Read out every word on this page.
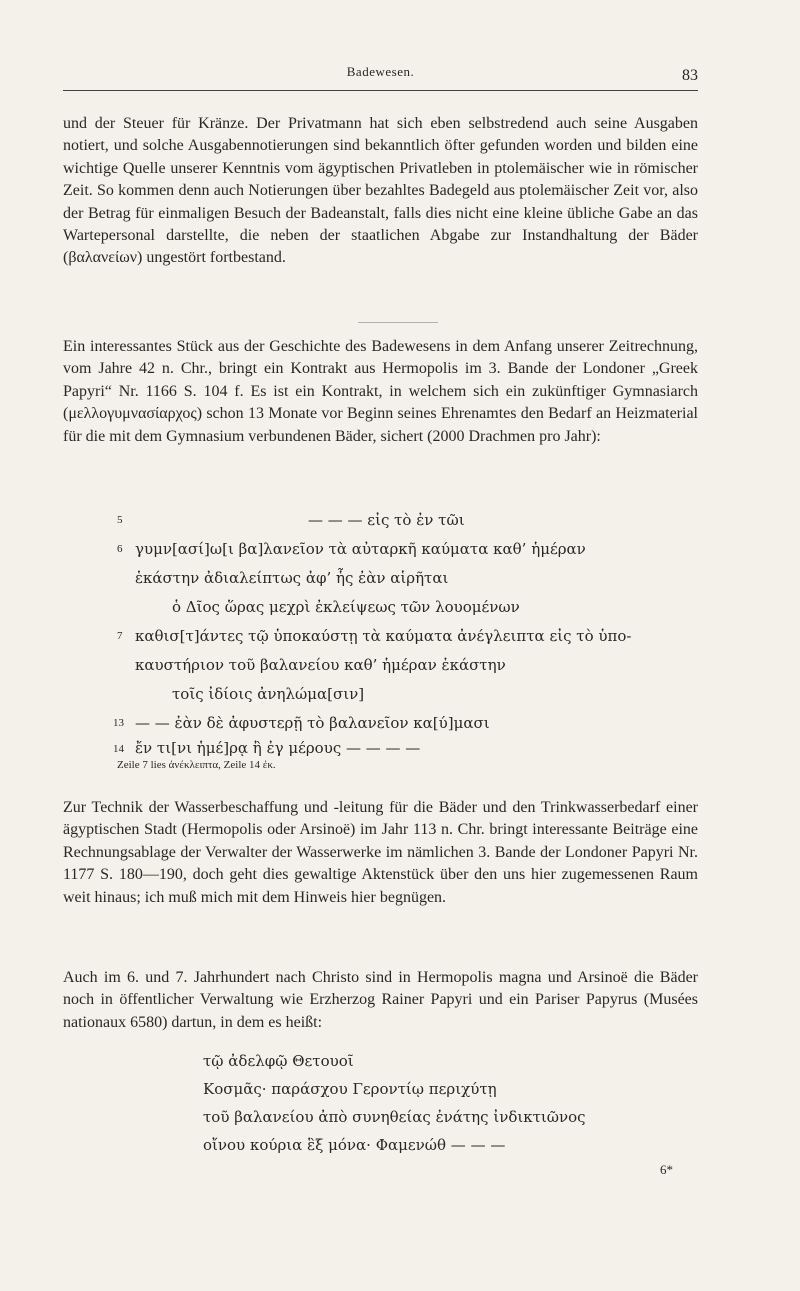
Badewesen.	83

und der Steuer für Kränze. Der Privatmann hat sich eben selbstredend auch seine Ausgaben notiert, und solche Ausgabennotierungen sind bekanntlich öfter gefunden worden und bilden eine wichtige Quelle unserer Kenntnis vom ägyptischen Privatleben in ptolemäischer wie in römischer Zeit. So kommen denn auch Notierungen über bezahltes Badegeld aus ptolemäischer Zeit vor, also der Betrag für einmaligen Besuch der Badeanstalt, falls dies nicht eine kleine übliche Gabe an das Wartepersonal darstellte, die neben der staatlichen Abgabe zur Instandhaltung der Bäder (βαλανείων) ungestört fortbestand.

Ein interessantes Stück aus der Geschichte des Badewesens in dem Anfang unserer Zeitrechnung, vom Jahre 42 n. Chr., bringt ein Kontrakt aus Hermopolis im 3. Bande der Londoner „Greek Papyri“ Nr. 1166 S. 104 f. Es ist ein Kontrakt, in welchem sich ein zukünftiger Gymnasiarch (μελλογυμνασίαρχος) schon 13 Monate vor Beginn seines Ehrenamtes den Bedarf an Heizmaterial für die mit dem Gymnasium verbundenen Bäder, sichert (2000 Drachmen pro Jahr):

5	— — — εἰς τὸ ἐν τῶι
6 γυμν[ασί]ω[ι βα]λανεῖον τὰ αὐταρκῆ καύματα καθ’ ἡμέραν
ἑκάστην ἀδιαλείπτως ἀφ’ ἧς ἐὰν αἱρῆται
ὁ Δῖος ὥρας μεχρὶ ἐκλείψεως τῶν λουομένων
7 καθισ[τ]άντες τῷ ὑποκαύστῃ τὰ καύματα ἀνέγλειπτα εἰς τὸ ὑπο-
καυστήριον τοῦ βαλανείου καθ’ ἡμέραν ἑκάστην
τοῖς ἰδίοις ἀνηλώμα[σιν]
13 — — ἐὰν δὲ ἀφυστερῇ τὸ βαλανεῖον κα[ύ]μασι
14 ἔν τι[νι ἡμέ]ρᾳ ἢ ἐγ μέρους — — — —
Zeile 7 lies ἀνέκλειπτα, Zeile 14 ἐκ.

Zur Technik der Wasserbeschaffung und -leitung für die Bäder und den Trinkwasserbedarf einer ägyptischen Stadt (Hermopolis oder Arsinoë) im Jahr 113 n. Chr. bringt interessante Beiträge eine Rechnungsablage der Verwalter der Wasserwerke im nämlichen 3. Bande der Londoner Papyri Nr. 1177 S. 180—190, doch geht dies gewaltige Aktenstück über den uns hier zugemessenen Raum weit hinaus; ich muß mich mit dem Hinweis hier begnügen.

Auch im 6. und 7. Jahrhundert nach Christo sind in Hermopolis magna und Arsinoë die Bäder noch in öffentlicher Verwaltung wie Erzherzog Rainer Papyri und ein Pariser Papyrus (Musées nationaux 6580) dartun, in dem es heißt:

τῷ ἀδελφῷ Θετουοῖ
Κοσμᾶς· παράσχου Γεροντίῳ περιχύτῃ
τοῦ βαλανείου ἀπὸ συνηθείας ἐνάτης ἰνδικτιῶνος
οἴνου κούρια ἓξ μόνα· Φαμενώθ — — —
6*
